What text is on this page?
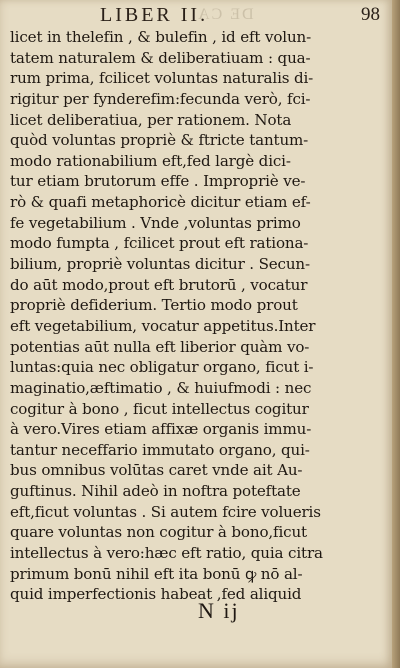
DE CA
LIBER II.	98
licet in thelefin , & bulefin , id eft volun-
tatem naturalem & deliberatiuam : qua-
rum prima, fcilicet voluntas naturalis di-
rigitur per fynderefim:fecunda verò, fci-
licet deliberatiua, per rationem. Nota
quòd voluntas propriè & ftricte tantum-
modo rationabilium eft,fed largè dici-
tur etiam brutorum effe . Impropriè ve-
rò & quafi metaphoricè dicitur etiam ef-
fe vegetabilium . Vnde ,voluntas primo
modo fumpta , fcilicet prout eft rationa-
bilium, propriè voluntas dicitur . Secun-
do aūt modo,prout eft brutorū , vocatur
propriè defiderium. Tertio modo prout
eft vegetabilium, vocatur appetitus.Inter
potentias aūt nulla eft liberior quàm vo-
luntas:quia nec obligatur organo, ficut i-
maginatio,æftimatio , & huiufmodi : nec
cogitur à bono , ficut intellectus cogitur
à vero.Vires etiam affixæ organis immu-
tantur neceffario immutato organo, qui-
bus omnibus volūtas caret vnde ait Au-
guftinus. Nihil adeò in noftra poteftate
eft,ficut voluntas . Si autem fcire volueris
quare voluntas non cogitur à bono,ficut
intellectus à vero:hæc eft ratio, quia citra
primum bonū nihil eft ita bonū ꝙ nō al-
quid imperfectionis habeat ,fed aliquid
N ij
